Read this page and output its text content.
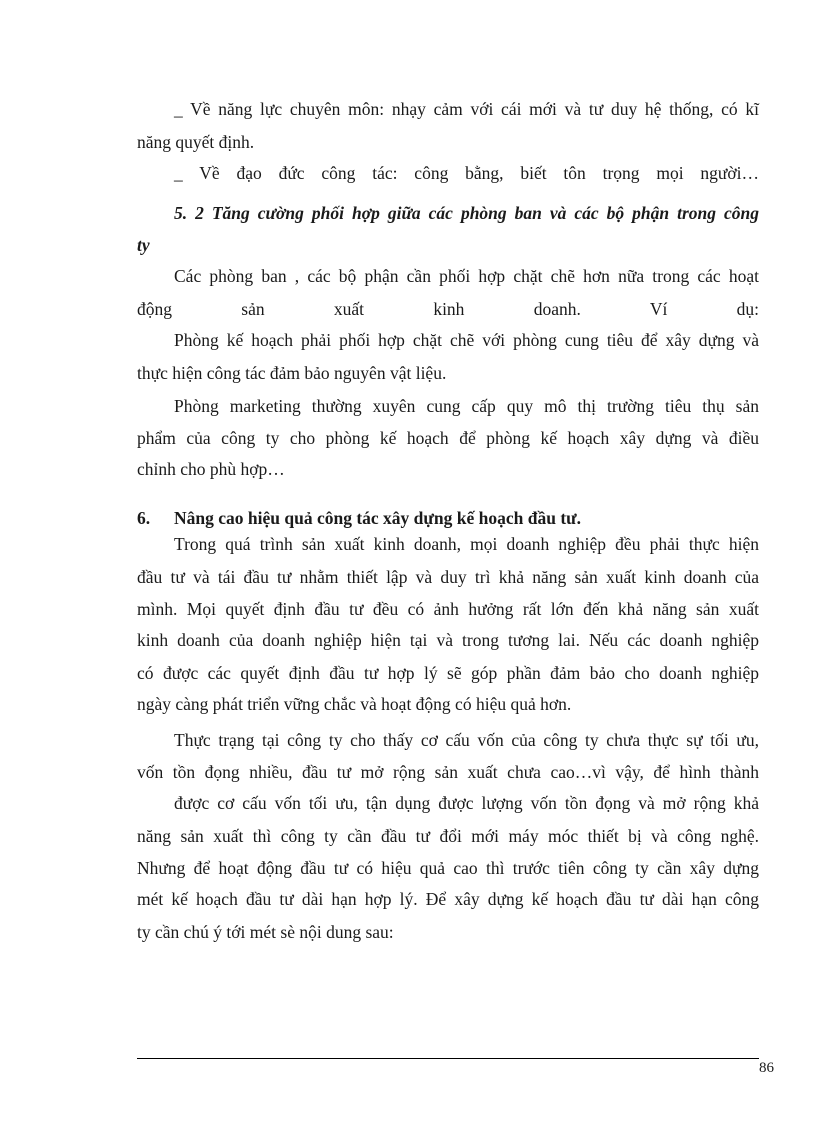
_ Về năng lực chuyên môn: nhạy cảm với cái mới và tư duy hệ thống, có kĩ
năng quyết định.
_ Về đạo đức công tác: công bằng, biết tôn trọng mọi người…
5. 2 Tăng cường phối hợp giữa các phòng ban và các bộ phận trong công
ty
Các phòng ban , các bộ phận cần phối hợp chặt chẽ hơn nữa trong các hoạt
động sản xuất kinh doanh. Ví dụ:
Phòng kế hoạch phải phối hợp chặt chẽ với phòng cung tiêu để xây dựng và
thực hiện công tác đảm bảo nguyên vật liệu.
Phòng marketing thường xuyên cung cấp quy mô thị trường tiêu thụ sản
phẩm của công ty cho phòng kế hoạch để phòng kế hoạch xây dựng và điều
chỉnh cho phù hợp…
6. Nâng cao hiệu quả công tác xây dựng kế hoạch đầu tư.
Trong quá trình sản xuất kinh doanh, mọi doanh nghiệp đều phải thực hiện
đầu tư và tái đầu tư nhằm thiết lập và duy trì khả năng sản xuất kinh doanh của
mình. Mọi quyết định đầu tư đều có ảnh hưởng rất lớn đến khả năng sản xuất
kinh doanh của doanh nghiệp hiện tại và trong tương lai. Nếu các doanh nghiệp
có được các quyết định đầu tư hợp lý sẽ góp phần đảm bảo cho doanh nghiệp
ngày càng phát triển vững chắc và hoạt động có hiệu quả hơn.
Thực trạng tại công ty cho thấy cơ cấu vốn của công ty chưa thực sự tối ưu,
vốn tồn đọng nhiều, đầu tư mở rộng sản xuất chưa cao…vì vậy, để hình thành
được cơ cấu vốn tối ưu, tận dụng được lượng vốn tồn đọng và mở rộng khả
năng sản xuất thì công ty cần đầu tư đổi mới máy móc thiết bị và công nghệ.
Nhưng để hoạt động đầu tư có hiệu quả cao thì trước tiên công ty cần xây dựng
mét kế hoạch đầu tư dài hạn hợp lý. Để xây dựng kế hoạch đầu tư dài hạn công
ty cần chú ý tới mét sè nội dung sau:
86
